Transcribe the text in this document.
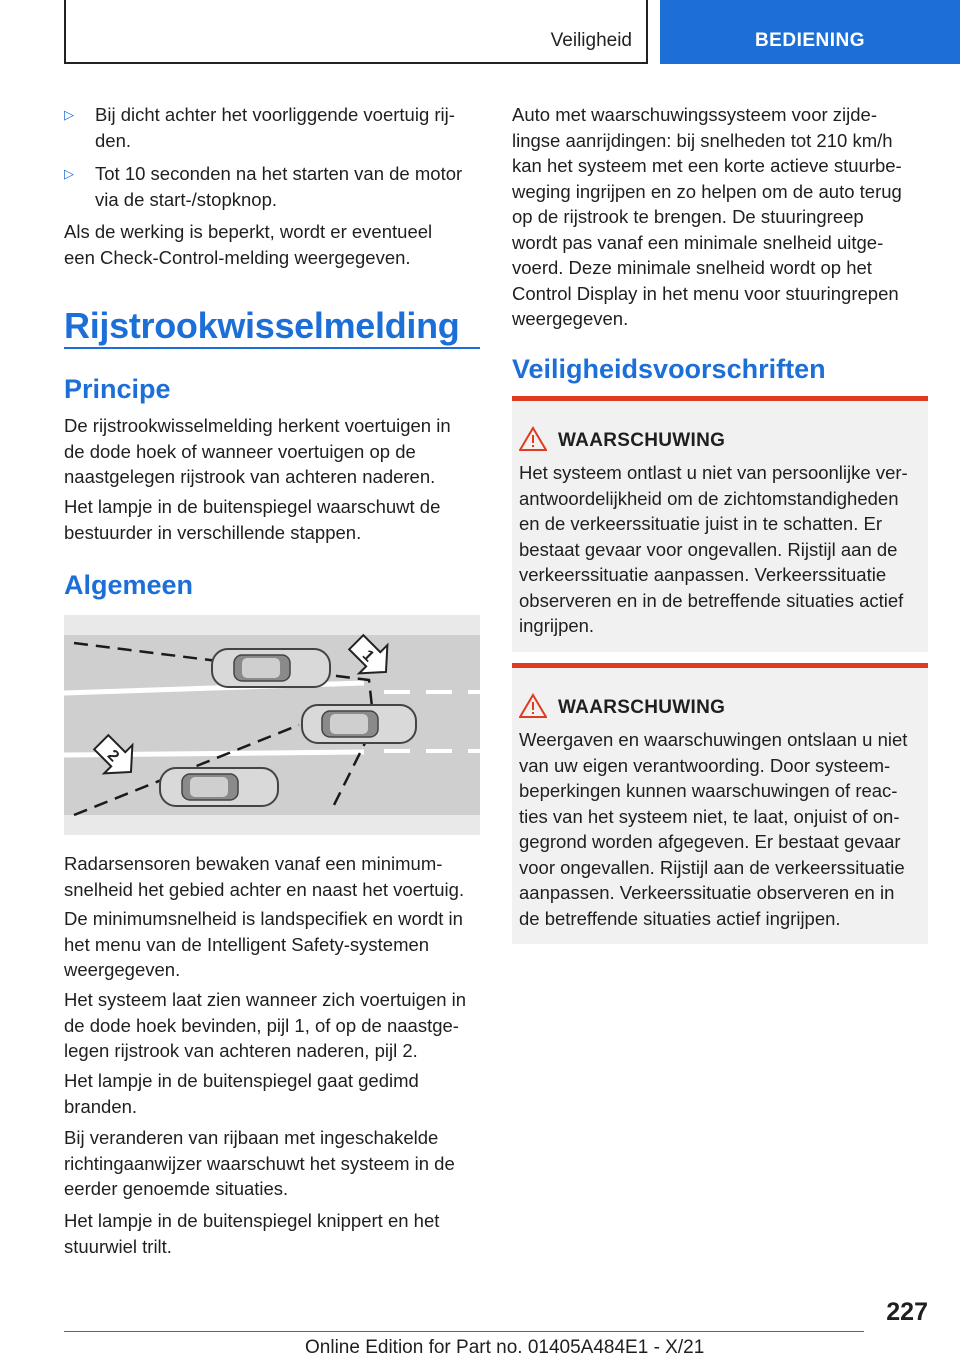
Veiligheid	BEDIENING
▷ Bij dicht achter het voorliggende voertuig rij-
den.
▷ Tot 10 seconden na het starten van de motor
via de start-/stopknop.
Als de werking is beperkt, wordt er eventueel
een Check-Control-melding weergegeven.
Rijstrookwisselmelding
Principe
De rijstrookwisselmelding herkent voertuigen in
de dode hoek of wanneer voertuigen op de
naastgelegen rijstrook van achteren naderen.
Het lampje in de buitenspiegel waarschuwt de
bestuurder in verschillende stappen.
Algemeen
1
2
Radarsensoren bewaken vanaf een minimum-
snelheid het gebied achter en naast het voertuig.
De minimumsnelheid is landspecifiek en wordt in
het menu van de Intelligent Safety-systemen
weergegeven.
Het systeem laat zien wanneer zich voertuigen in
de dode hoek bevinden, pijl 1, of op de naastge-
legen rijstrook van achteren naderen, pijl 2.
Het lampje in de buitenspiegel gaat gedimd
branden.
Bij veranderen van rijbaan met ingeschakelde
richtingaanwijzer waarschuwt het systeem in de
eerder genoemde situaties.
Het lampje in de buitenspiegel knippert en het
stuurwiel trilt.
Auto met waarschuwingssysteem voor zijde-
lingse aanrijdingen: bij snelheden tot 210 km/h
kan het systeem met een korte actieve stuurbe-
weging ingrijpen en zo helpen om de auto terug
op de rijstrook te brengen. De stuuringreep
wordt pas vanaf een minimale snelheid uitge-
voerd. Deze minimale snelheid wordt op het
Control Display in het menu voor stuuringrepen
weergegeven.
Veiligheidsvoorschriften
WAARSCHUWING
Het systeem ontlast u niet van persoonlijke ver-
antwoordelijkheid om de zichtomstandigheden
en de verkeerssituatie juist in te schatten. Er
bestaat gevaar voor ongevallen. Rijstijl aan de
verkeerssituatie aanpassen. Verkeerssituatie
observeren en in de betreffende situaties actief
ingrijpen.
WAARSCHUWING
Weergaven en waarschuwingen ontslaan u niet
van uw eigen verantwoording. Door systeem-
beperkingen kunnen waarschuwingen of reac-
ties van het systeem niet, te laat, onjuist of on-
gegrond worden afgegeven. Er bestaat gevaar
voor ongevallen. Rijstijl aan de verkeerssituatie
aanpassen. Verkeerssituatie observeren en in
de betreffende situaties actief ingrijpen.
227
Online Edition for Part no. 01405A484E1 - X/21
